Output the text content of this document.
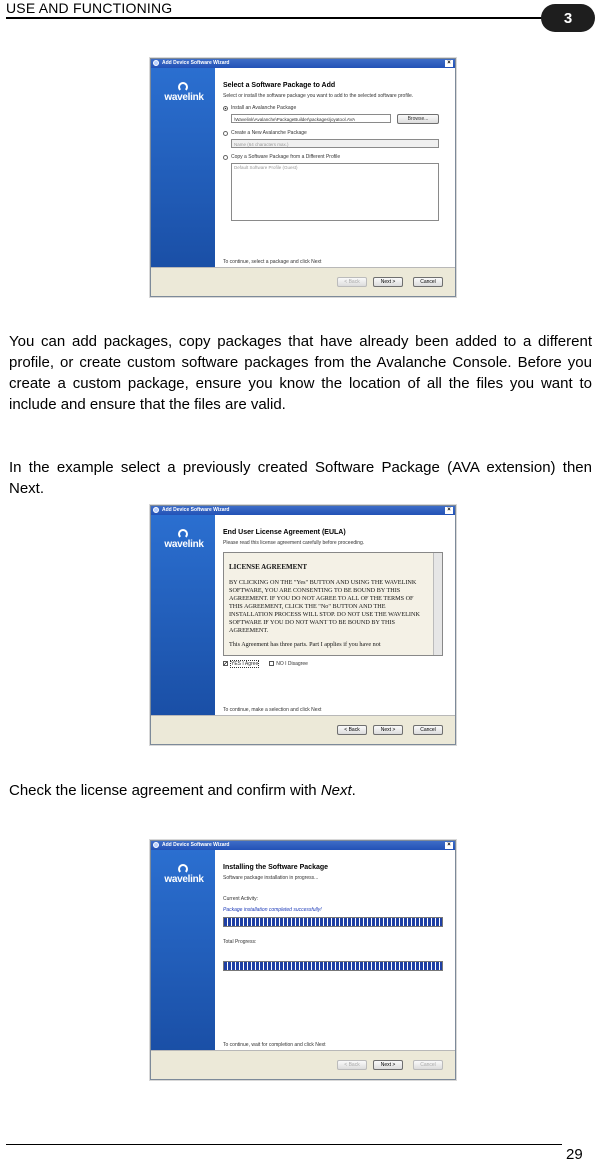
USE AND FUNCTIONING
3
Add Device Software Wizard	×
wavelink
Select a Software Package to Add
Select or install the software package you want to add to the selected software profile.
Install an Avalanche Package
\Wavelink\Avalanche\PackageBuilder\packages\joyatool.AVA	Browse...
Create a New Avalanche Package
Name (64 characters max.)
Copy a Software Package from a Different Profile
Default Software Profile (Guest)
To continue, select a package and click Next
< Back	Next >	Cancel
You can add packages, copy packages that have already been added to a different profile, or create custom software packages from the Avalanche Console. Before you create a custom package, ensure you know the location of all the files you want to include and ensure that the files are valid.
In the example select a previously created Software Package (AVA extension) then Next.
Add Device Software Wizard	×
wavelink
End User License Agreement (EULA)
Please read this license agreement carefully before proceeding.
LICENSE AGREEMENT
BY CLICKING ON THE "Yes" BUTTON AND USING THE WAVELINK SOFTWARE, YOU ARE CONSENTING TO BE BOUND BY THIS AGREEMENT. IF YOU DO NOT AGREE TO ALL OF THE TERMS OF THIS AGREEMENT, CLICK THE "No" BUTTON AND THE INSTALLATION PROCESS WILL STOP. DO NOT USE THE WAVELINK SOFTWARE IF YOU DO NOT WANT TO BE BOUND BY THIS AGREEMENT.
This Agreement has three parts. Part I applies if you have not
YES I Agree	NO I Disagree
To continue, make a selection and click Next
< Back	Next >	Cancel
Check the license agreement and confirm with Next.
Add Device Software Wizard	×
wavelink
Installing the Software Package
Software package installation in progress...
Current Activity:
Package installation completed successfully!
Total Progress:
To continue, wait for completion and click Next
< Back	Next >	Cancel
29
